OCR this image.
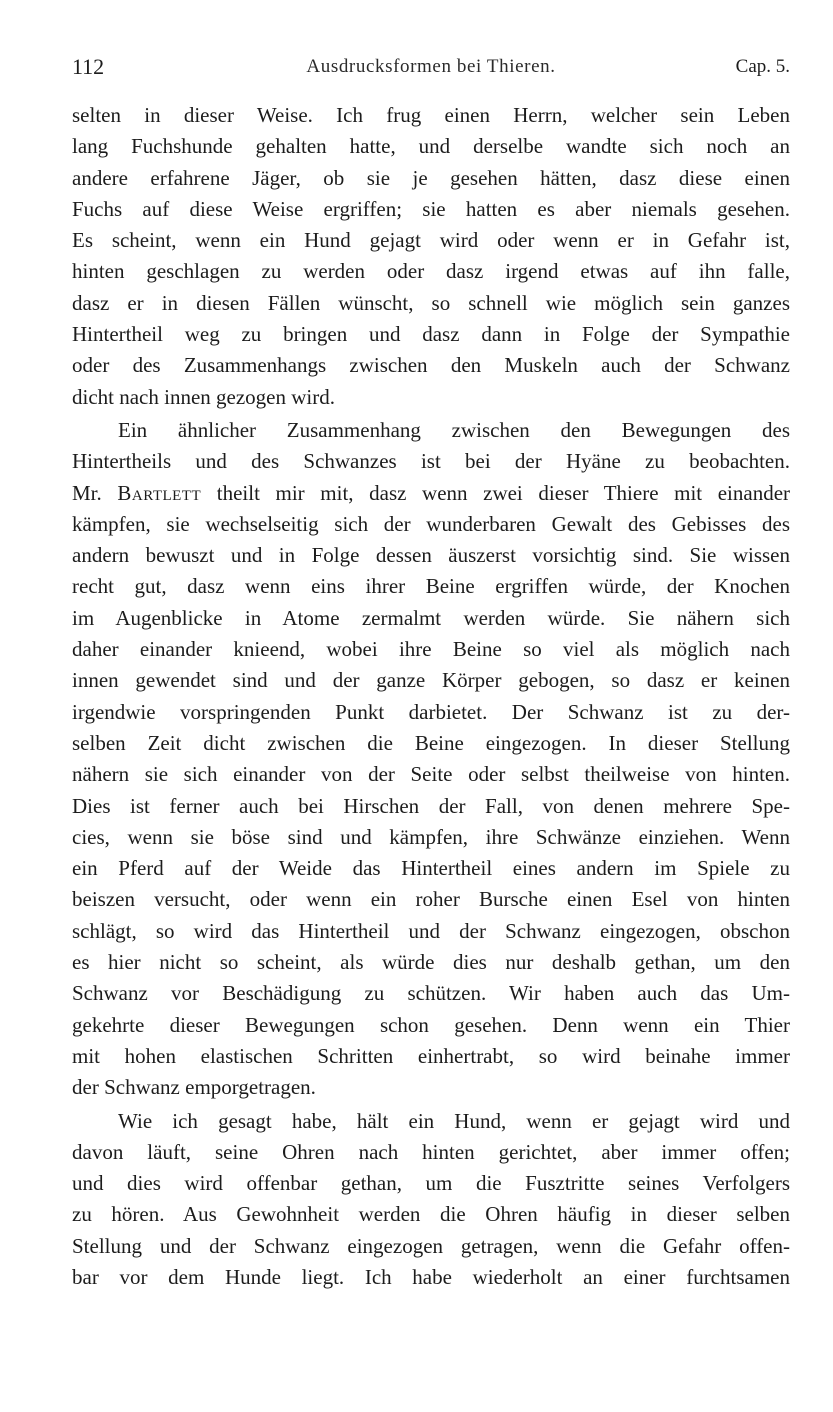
112	Ausdrucksformen bei Thieren.	Cap. 5.
selten in dieser Weise. Ich frug einen Herrn, welcher sein Leben
lang Fuchshunde gehalten hatte, und derselbe wandte sich noch an
andere erfahrene Jäger, ob sie je gesehen hätten, dasz diese einen
Fuchs auf diese Weise ergriffen; sie hatten es aber niemals gesehen.
Es scheint, wenn ein Hund gejagt wird oder wenn er in Gefahr ist,
hinten geschlagen zu werden oder dasz irgend etwas auf ihn falle,
dasz er in diesen Fällen wünscht, so schnell wie möglich sein ganzes
Hintertheil weg zu bringen und dasz dann in Folge der Sympathie
oder des Zusammenhangs zwischen den Muskeln auch der Schwanz
dicht nach innen gezogen wird.
Ein ähnlicher Zusammenhang zwischen den Bewegungen des
Hintertheils und des Schwanzes ist bei der Hyäne zu beobachten.
Mr. Bartlett theilt mir mit, dasz wenn zwei dieser Thiere mit einander
kämpfen, sie wechselseitig sich der wunderbaren Gewalt des Gebisses des
andern bewuszt und in Folge dessen äuszerst vorsichtig sind. Sie wissen
recht gut, dasz wenn eins ihrer Beine ergriffen würde, der Knochen
im Augenblicke in Atome zermalmt werden würde. Sie nähern sich
daher einander knieend, wobei ihre Beine so viel als möglich nach
innen gewendet sind und der ganze Körper gebogen, so dasz er keinen
irgendwie vorspringenden Punkt darbietet. Der Schwanz ist zu der-
selben Zeit dicht zwischen die Beine eingezogen. In dieser Stellung
nähern sie sich einander von der Seite oder selbst theilweise von hinten.
Dies ist ferner auch bei Hirschen der Fall, von denen mehrere Spe-
cies, wenn sie böse sind und kämpfen, ihre Schwänze einziehen. Wenn
ein Pferd auf der Weide das Hintertheil eines andern im Spiele zu
beiszen versucht, oder wenn ein roher Bursche einen Esel von hinten
schlägt, so wird das Hintertheil und der Schwanz eingezogen, obschon
es hier nicht so scheint, als würde dies nur deshalb gethan, um den
Schwanz vor Beschädigung zu schützen. Wir haben auch das Um-
gekehrte dieser Bewegungen schon gesehen. Denn wenn ein Thier
mit hohen elastischen Schritten einhertrabt, so wird beinahe immer
der Schwanz emporgetragen.
Wie ich gesagt habe, hält ein Hund, wenn er gejagt wird und
davon läuft, seine Ohren nach hinten gerichtet, aber immer offen;
und dies wird offenbar gethan, um die Fusztritte seines Verfolgers
zu hören. Aus Gewohnheit werden die Ohren häufig in dieser selben
Stellung und der Schwanz eingezogen getragen, wenn die Gefahr offen-
bar vor dem Hunde liegt. Ich habe wiederholt an einer furchtsamen
